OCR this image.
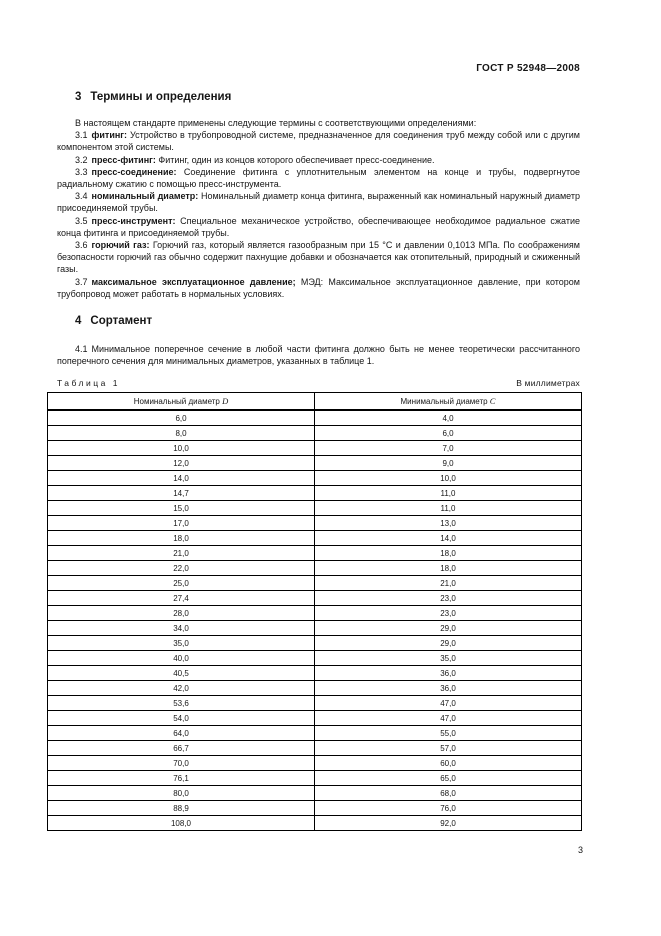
ГОСТ Р 52948—2008
3 Термины и определения

В настоящем стандарте применены следующие термины с соответствующими определениями:

3.1 фитинг: Устройство в трубопроводной системе, предназначенное для соединения труб между собой или с другим компонентом этой системы.

3.2 пресс-фитинг: Фитинг, один из концов которого обеспечивает пресс-соединение.

3.3 пресс-соединение: Соединение фитинга с уплотнительным элементом на конце и трубы, подвергнутое радиальному сжатию с помощью пресс-инструмента.

3.4 номинальный диаметр: Номинальный диаметр конца фитинга, выраженный как номинальный наружный диаметр присоединяемой трубы.

3.5 пресс-инструмент: Специальное механическое устройство, обеспечивающее необходимое радиальное сжатие конца фитинга и присоединяемой трубы.

3.6 горючий газ: Горючий газ, который является газообразным при 15 °С и давлении 0,1013 МПа. По соображениям безопасности горючий газ обычно содержит пахнущие добавки и обозначается как отопительный, природный и сжиженный газы.

3.7 максимальное эксплуатационное давление; МЭД: Максимальное эксплуатационное давление, при котором трубопровод может работать в нормальных условиях.

4 Сортамент

4.1 Минимальное поперечное сечение в любой части фитинга должно быть не менее теоретически рассчитанного поперечного сечения для минимальных диаметров, указанных в таблице 1.

Таблица 1	В миллиметрах
Номинальный диаметр D	Минимальный диаметр C
6,0	4,0
8,0	6,0
10,0	7,0
12,0	9,0
14,0	10,0
14,7	11,0
15,0	11,0
17,0	13,0
18,0	14,0
21,0	18,0
22,0	18,0
25,0	21,0
27,4	23,0
28,0	23,0
34,0	29,0
35,0	29,0
40,0	35,0
40,5	36,0
42,0	36,0
53,6	47,0
54,0	47,0
64,0	55,0
66,7	57,0
70,0	60,0
76,1	65,0
80,0	68,0
88,9	76,0
108,0	92,0
3
